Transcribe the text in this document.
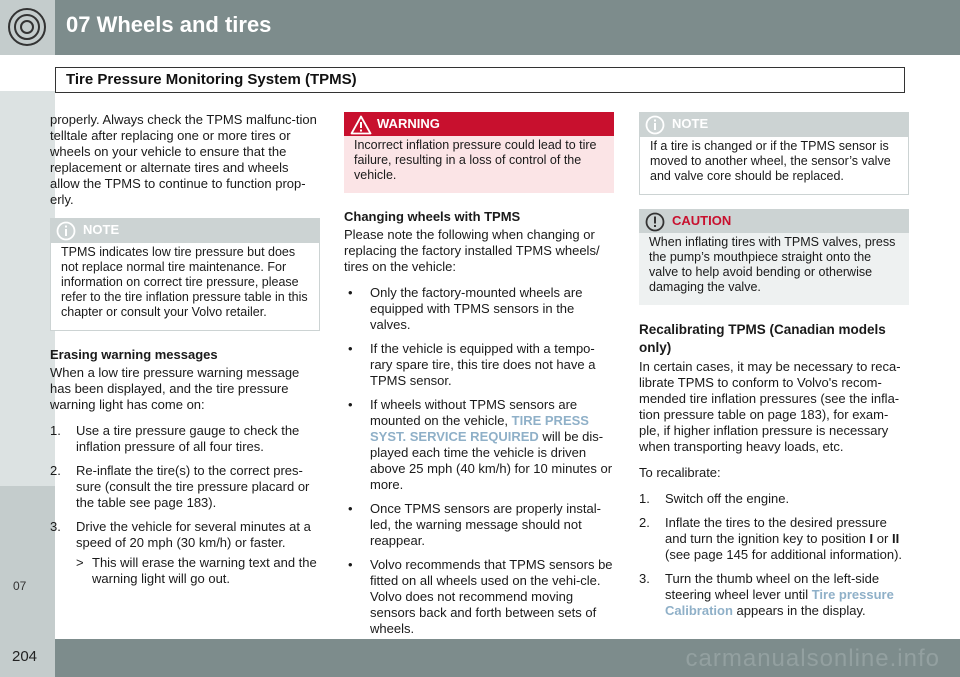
07 Wheels and tires
Tire Pressure Monitoring System (TPMS)
07

properly. Always check the TPMS malfunc-tion telltale after replacing one or more tires or wheels on your vehicle to ensure that the replacement or alternate tires and wheels allow the TPMS to continue to function prop-erly.

NOTE
TPMS indicates low tire pressure but does not replace normal tire maintenance. For information on correct tire pressure, please refer to the tire inflation pressure table in this chapter or consult your Volvo retailer.
Erasing warning messages

When a low tire pressure warning message has been displayed, and the tire pressure warning light has come on:

1. Use a tire pressure gauge to check the inflation pressure of all four tires.
2. Re-inflate the tire(s) to the correct pres-sure (consult the tire pressure placard or the table see page 183).
3. Drive the vehicle for several minutes at a speed of 20 mph (30 km/h) or faster.
> This will erase the warning text and the warning light will go out.
WARNING
Incorrect inflation pressure could lead to tire failure, resulting in a loss of control of the vehicle.
Changing wheels with TPMS

Please note the following when changing or replacing the factory installed TPMS wheels/ tires on the vehicle:

• Only the factory-mounted wheels are equipped with TPMS sensors in the valves.
• If the vehicle is equipped with a tempo-rary spare tire, this tire does not have a TPMS sensor.
• If wheels without TPMS sensors are mounted on the vehicle, TIRE PRESS SYST. SERVICE REQUIRED will be dis-played each time the vehicle is driven above 25 mph (40 km/h) for 10 minutes or more.
• Once TPMS sensors are properly instal-led, the warning message should not reappear.
• Volvo recommends that TPMS sensors be fitted on all wheels used on the vehi-cle. Volvo does not recommend moving sensors back and forth between sets of wheels.
NOTE
If a tire is changed or if the TPMS sensor is moved to another wheel, the sensor’s valve and valve core should be replaced.
CAUTION
When inflating tires with TPMS valves, press the pump’s mouthpiece straight onto the valve to help avoid bending or otherwise damaging the valve.
Recalibrating TPMS (Canadian models only)

In certain cases, it may be necessary to reca-librate TPMS to conform to Volvo's recom-mended tire inflation pressures (see the infla-tion pressure table on page 183), for exam-ple, if higher inflation pressure is necessary when transporting heavy loads, etc.

To recalibrate:

1. Switch off the engine.
2. Inflate the tires to the desired pressure and turn the ignition key to position I or II (see page 145 for additional information).
3. Turn the thumb wheel on the left-side steering wheel lever until Tire pressure Calibration appears in the display.
204	carmanualsonline.info
